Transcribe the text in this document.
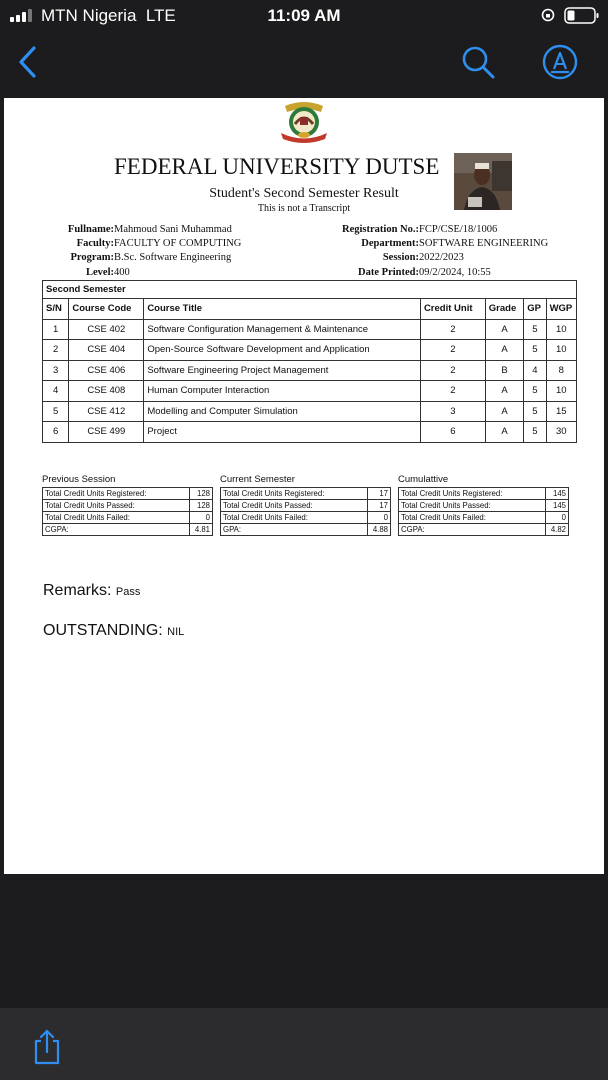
MTN Nigeria LTE	11:09 AM
FEDERAL UNIVERSITY DUTSE
Student's Second Semester Result
This is not a Transcript
Fullname:Mahmoud Sani Muhammad
Faculty:FACULTY OF COMPUTING
Program:B.Sc. Software Engineering
Level:400
Registration No.:FCP/CSE/18/1006
Department:SOFTWARE ENGINEERING
Session:2022/2023
Date Printed:09/2/2024, 10:55
Second Semester						
S/N	Course Code	Course Title	Credit Unit	Grade	GP	WGP
1	CSE 402	Software Configuration Management & Maintenance	2	A	5	10
2	CSE 404	Open-Source Software Development and Application	2	A	5	10
3	CSE 406	Software Engineering Project Management	2	B	4	8
4	CSE 408	Human Computer Interaction	2	A	5	10
5	CSE 412	Modelling and Computer Simulation	3	A	5	15
6	CSE 499	Project	6	A	5	30
Previous Session
Total Credit Units Registered:	128
Total Credit Units Passed:	128
Total Credit Units Failed:	0
CGPA:	4.81
Current Semester
Total Credit Units Registered:	17
Total Credit Units Passed:	17
Total Credit Units Failed:	0
GPA:	4.88
Cumulattive
Total Credit Units Registered:	145
Total Credit Units Passed:	145
Total Credit Units Failed:	0
CGPA:	4.82
Remarks: Pass
OUTSTANDING: NIL
